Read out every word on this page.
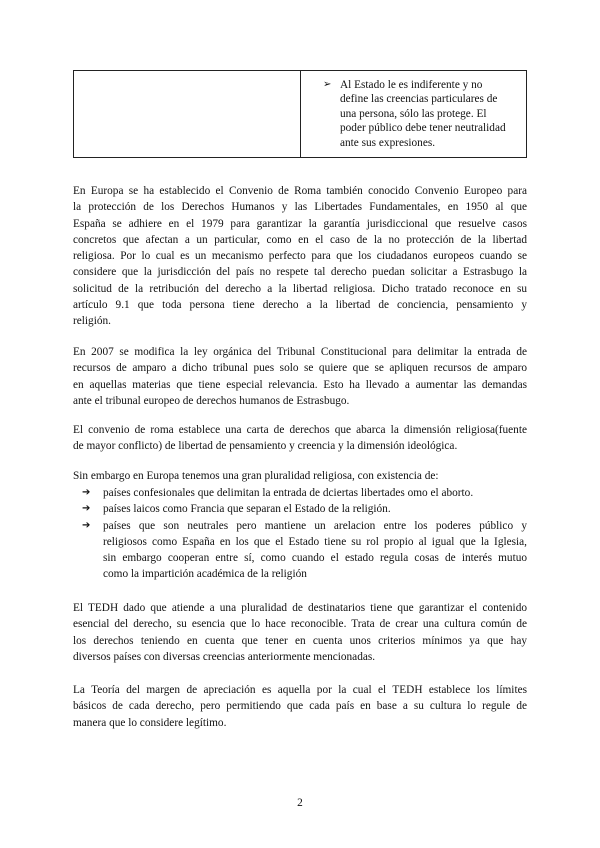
➢ Al Estado le es indiferente y no
define las creencias particulares de
una persona, sólo las protege. El
poder público debe tener neutralidad
ante sus expresiones.
En Europa se ha establecido el Convenio de Roma también conocido Convenio Europeo para
la protección de los Derechos Humanos y las Libertades Fundamentales, en 1950 al que
España se adhiere en el 1979 para garantizar la garantía jurisdiccional que resuelve casos
concretos que afectan a un particular, como en el caso de la no protección de la libertad
religiosa. Por lo cual es un mecanismo perfecto para que los ciudadanos europeos cuando se
considere que la jurisdicción del país no respete tal derecho puedan solicitar a Estrasbugo la
solicitud de la retribución del derecho a la libertad religiosa. Dicho tratado reconoce en su
artículo 9.1 que toda persona tiene derecho a la libertad de conciencia, pensamiento y
religión.
En 2007 se modifica la ley orgánica del Tribunal Constitucional para delimitar la entrada de
recursos de amparo a dicho tribunal pues solo se quiere que se apliquen recursos de amparo
en aquellas materias que tiene especial relevancia. Esto ha llevado a aumentar las demandas
ante el tribunal europeo de derechos humanos de Estrasbugo.
El convenio de roma establece una carta de derechos que abarca la dimensión religiosa(fuente
de mayor conflicto) de libertad de pensamiento y creencia y la dimensión ideológica.
Sin embargo en Europa tenemos una gran pluralidad religiosa, con existencia de:
➔ países confesionales que delimitan la entrada de dciertas libertades omo el aborto.
➔ países laicos como Francia que separan el Estado de la religión.
➔ países que son neutrales pero mantiene un arelacion entre los poderes público y
religiosos como España en los que el Estado tiene su rol propio al igual que la Iglesia,
sin embargo cooperan entre sí, como cuando el estado regula cosas de interés mutuo
como la impartición académica de la religión
El TEDH dado que atiende a una pluralidad de destinatarios tiene que garantizar el contenido
esencial del derecho, su esencia que lo hace reconocible. Trata de crear una cultura común de
los derechos teniendo en cuenta que tener en cuenta unos criterios mínimos ya que hay
diversos países con diversas creencias anteriormente mencionadas.
La Teoría del margen de apreciación es aquella por la cual el TEDH establece los límites
básicos de cada derecho, pero permitiendo que cada país en base a su cultura lo regule de
manera que lo considere legítimo.
2
